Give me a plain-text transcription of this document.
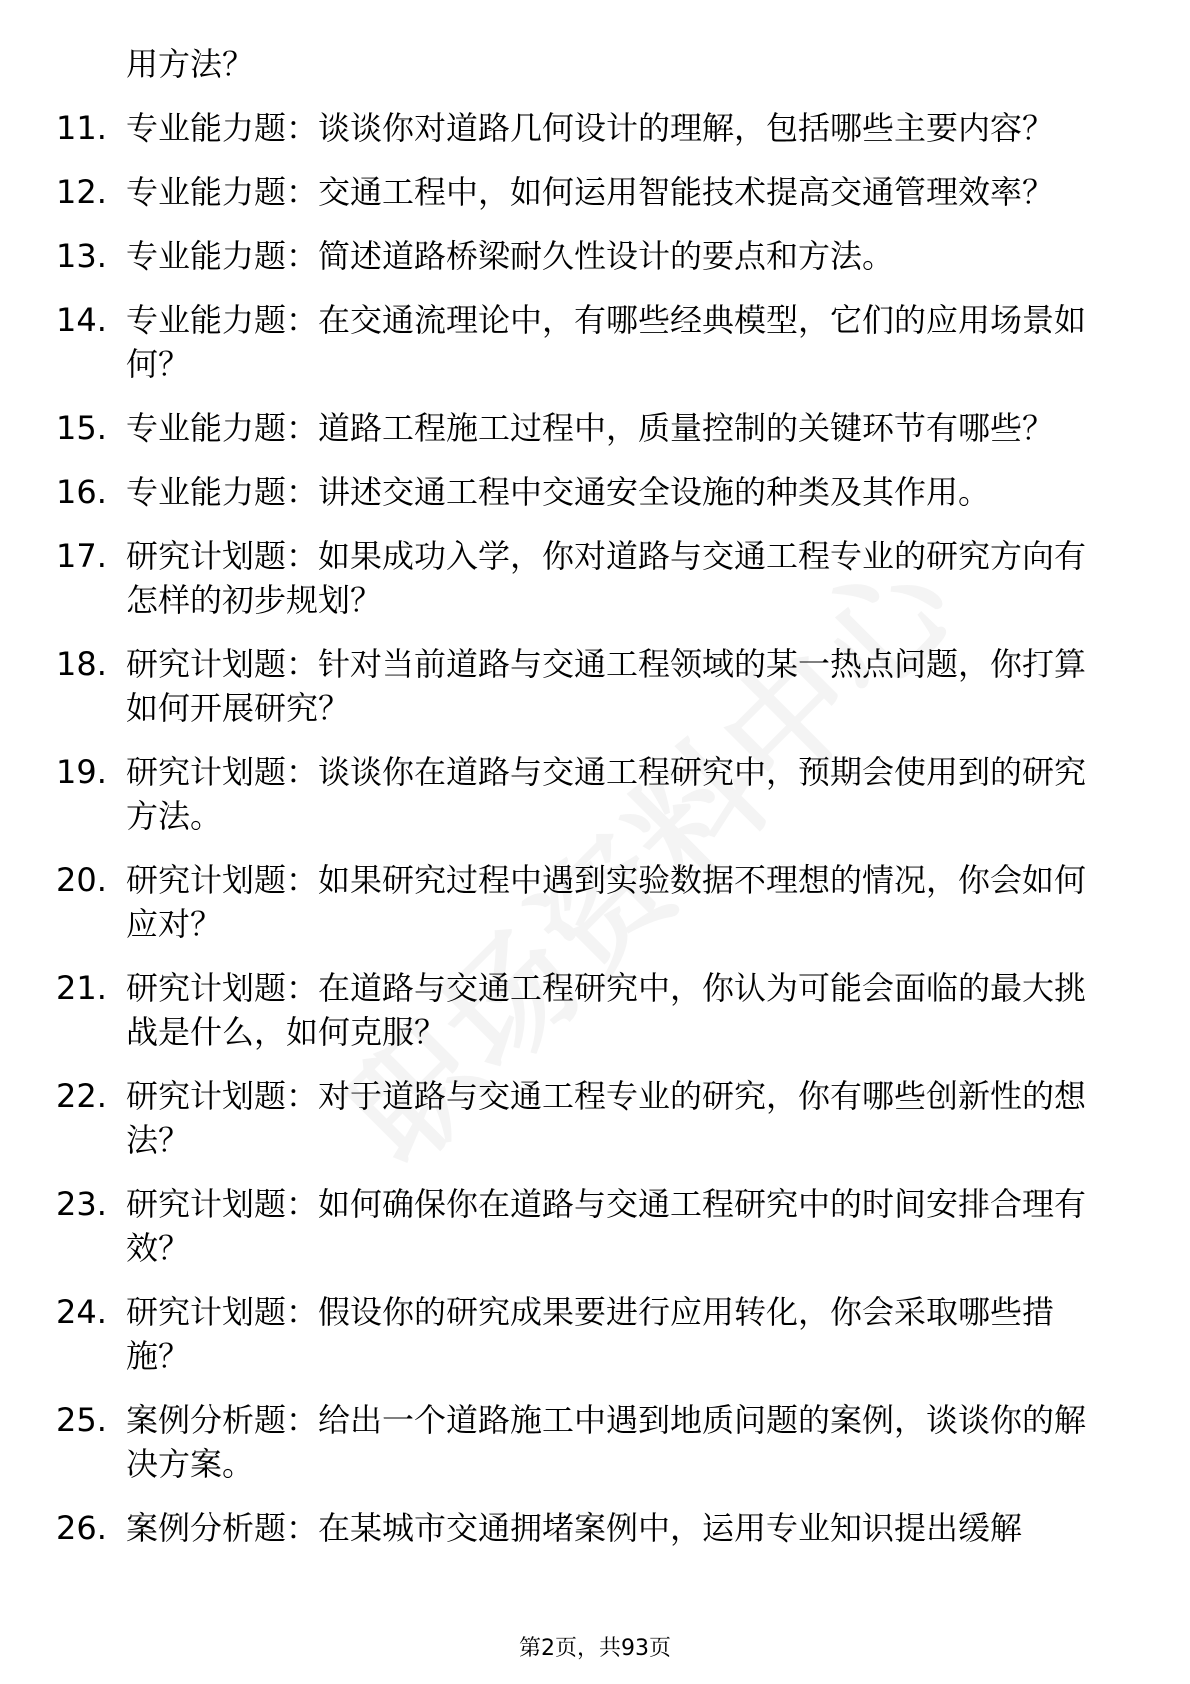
用方法？
11. 专业能力题：谈谈你对道路几何设计的理解，包括哪些主要内容？
12. 专业能力题：交通工程中，如何运用智能技术提高交通管理效率？
13. 专业能力题：简述道路桥梁耐久性设计的要点和方法。
14. 专业能力题：在交通流理论中，有哪些经典模型，它们的应用场景如何？
15. 专业能力题：道路工程施工过程中，质量控制的关键环节有哪些？
16. 专业能力题：讲述交通工程中交通安全设施的种类及其作用。
17. 研究计划题：如果成功入学，你对道路与交通工程专业的研究方向有怎样的初步规划？
18. 研究计划题：针对当前道路与交通工程领域的某一热点问题，你打算如何开展研究？
19. 研究计划题：谈谈你在道路与交通工程研究中，预期会使用到的研究方法。
20. 研究计划题：如果研究过程中遇到实验数据不理想的情况，你会如何应对？
21. 研究计划题：在道路与交通工程研究中，你认为可能会面临的最大挑战是什么，如何克服？
22. 研究计划题：对于道路与交通工程专业的研究，你有哪些创新性的想法？
23. 研究计划题：如何确保你在道路与交通工程研究中的时间安排合理有效？
24. 研究计划题：假设你的研究成果要进行应用转化，你会采取哪些措施？
25. 案例分析题：给出一个道路施工中遇到地质问题的案例，谈谈你的解决方案。
26. 案例分析题：在某城市交通拥堵案例中，运用专业知识提出缓解
第2页，共93页
